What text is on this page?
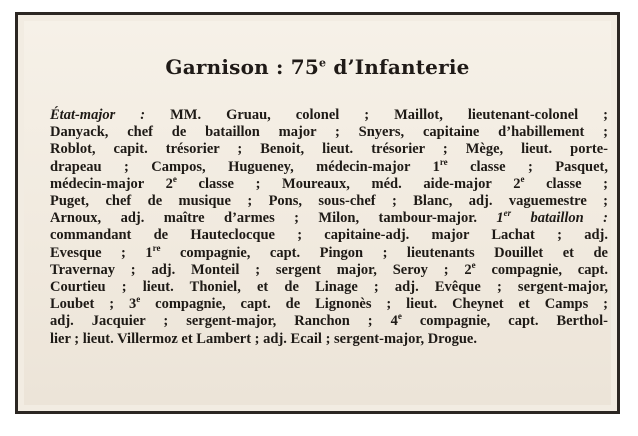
Garnison : 75e d’Infanterie
État-major : MM. Gruau, colonel ; Maillot, lieutenant-colonel ;
Danyack, chef de bataillon major ; Snyers, capitaine d’habillement ;
Roblot, capit. trésorier ; Benoit, lieut. trésorier ; Mège, lieut. porte-
drapeau ; Campos, Hugueney, médecin-major 1re classe ; Pasquet,
médecin-major 2e classe ; Moureaux, méd. aide-major 2e classe ;
Puget, chef de musique ; Pons, sous-chef ; Blanc, adj. vaguemestre ;
Arnoux, adj. maître d’armes ; Milon, tambour-major. 1er bataillon :
commandant de Hauteclocque ; capitaine-adj. major Lachat ; adj.
Evesque ; 1re compagnie, capt. Pingon ; lieutenants Douillet et de
Travernay ; adj. Monteil ; sergent major, Seroy ; 2e compagnie, capt.
Courtieu ; lieut. Thoniel, et de Linage ; adj. Evêque ; sergent-major,
Loubet ; 3e compagnie, capt. de Lignonès ; lieut. Cheynet et Camps ;
adj. Jacquier ; sergent-major, Ranchon ; 4e compagnie, capt. Berthol-
lier ; lieut. Villermoz et Lambert ; adj. Ecail ; sergent-major, Drogue.
